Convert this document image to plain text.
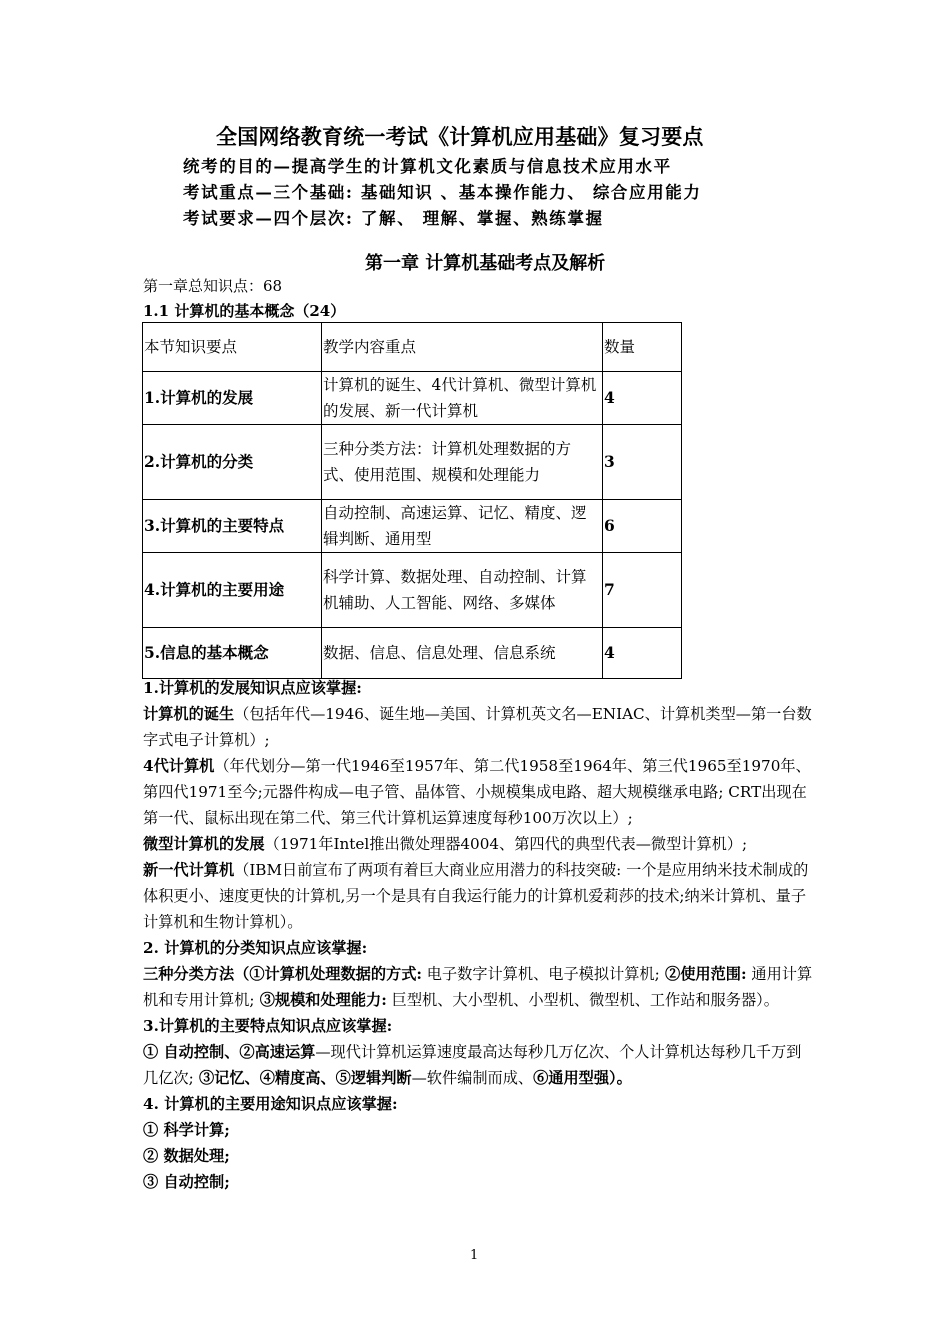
全国网络教育统一考试《计算机应用基础》复习要点
统考的目的—提高学生的计算机文化素质与信息技术应用水平
考试重点—三个基础: 基础知识 、基本操作能力、 综合应用能力
考试要求—四个层次: 了解、 理解、掌握、熟练掌握
第一章 计算机基础考点及解析
第一章总知识点：68
1.1 计算机的基本概念（24）
本节知识要点	教学内容重点	数量
1.计算机的发展	计算机的诞生、4代计算机、微型计算机的发展、新一代计算机	4
2.计算机的分类	三种分类方法：计算机处理数据的方式、使用范围、规模和处理能力	3
3.计算机的主要特点	自动控制、高速运算、记忆、精度、逻辑判断、通用型	6
4.计算机的主要用途	科学计算、数据处理、自动控制、计算机辅助、人工智能、网络、多媒体	7
5.信息的基本概念	数据、信息、信息处理、信息系统	4

1.计算机的发展知识点应该掌握:

计算机的诞生（包括年代—1946、诞生地—美国、计算机英文名—ENIAC、计算机类型—第一台数字式电子计算机）;

4代计算机（年代划分—第一代1946至1957年、第二代1958至1964年、第三代1965至1970年、第四代1971至今;元器件构成—电子管、晶体管、小规模集成电路、超大规模继承电路; CRT出现在第一代、鼠标出现在第二代、第三代计算机运算速度每秒100万次以上）;

微型计算机的发展（1971年Intel推出微处理器4004、第四代的典型代表—微型计算机）;

新一代计算机（IBM日前宣布了两项有着巨大商业应用潜力的科技突破: 一个是应用纳米技术制成的体积更小、速度更快的计算机,另一个是具有自我运行能力的计算机爱莉莎的技术;纳米计算机、量子计算机和生物计算机）。

2. 计算机的分类知识点应该掌握:

三种分类方法（①计算机处理数据的方式: 电子数字计算机、电子模拟计算机; ②使用范围: 通用计算机和专用计算机; ③规模和处理能力: 巨型机、大小型机、小型机、微型机、工作站和服务器）。

3.计算机的主要特点知识点应该掌握:

① 自动控制、②高速运算—现代计算机运算速度最高达每秒几万亿次、个人计算机达每秒几千万到几亿次; ③记忆、④精度高、⑤逻辑判断—软件编制而成、⑥通用型强）。

4. 计算机的主要用途知识点应该掌握:

① 科学计算;

② 数据处理;

③ 自动控制;

1
